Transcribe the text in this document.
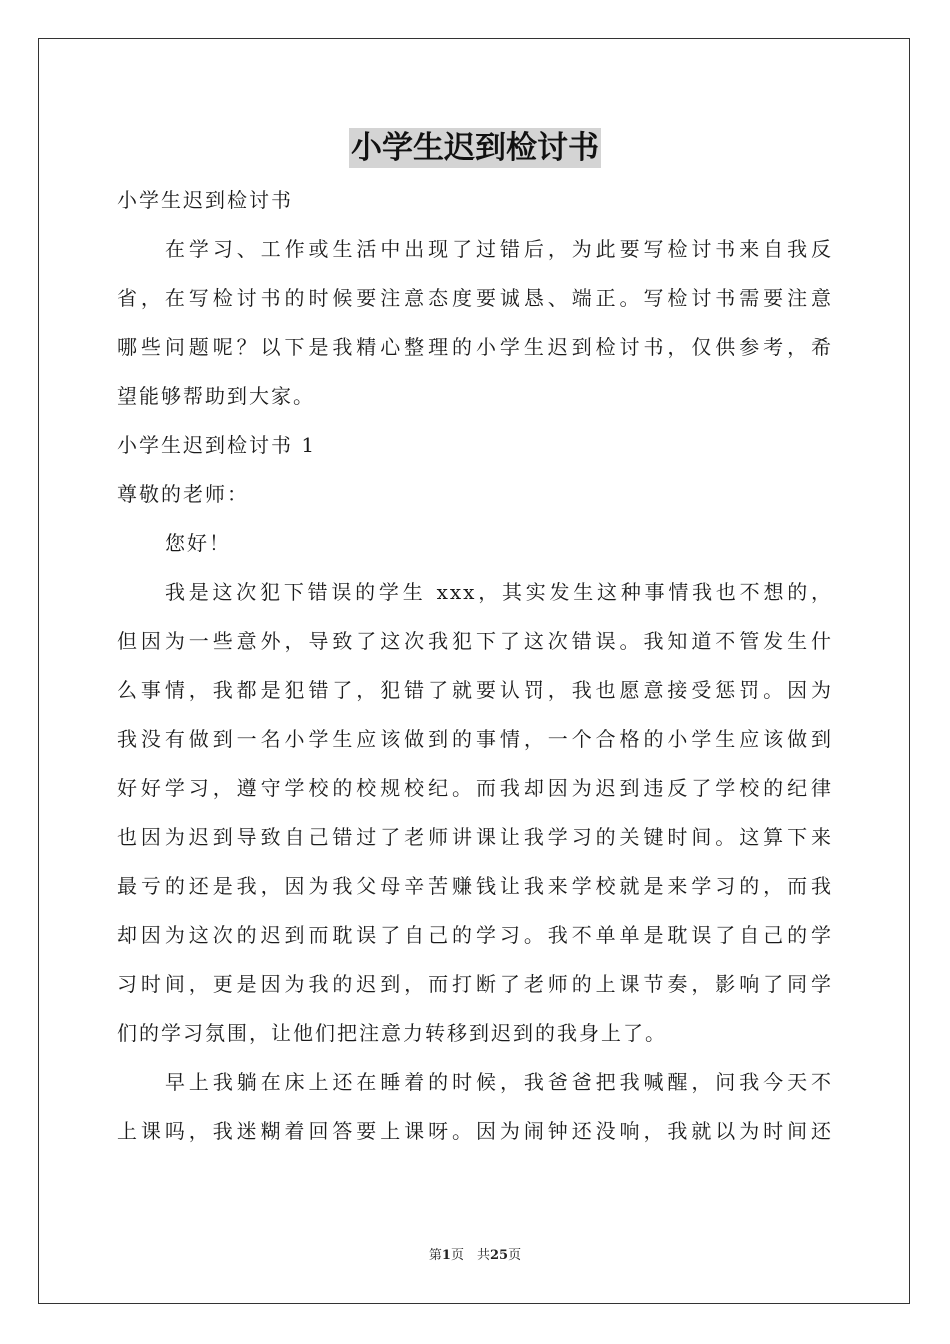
小学生迟到检讨书

小学生迟到检讨书

在学习、工作或生活中出现了过错后，为此要写检讨书来自我反

省，在写检讨书的时候要注意态度要诚恳、端正。写检讨书需要注意

哪些问题呢？以下是我精心整理的小学生迟到检讨书，仅供参考，希

望能够帮助到大家。

小学生迟到检讨书 1

尊敬的老师：

您好！

我是这次犯下错误的学生 xxx，其实发生这种事情我也不想的，

但因为一些意外，导致了这次我犯下了这次错误。我知道不管发生什

么事情，我都是犯错了，犯错了就要认罚，我也愿意接受惩罚。因为

我没有做到一名小学生应该做到的事情，一个合格的小学生应该做到

好好学习，遵守学校的校规校纪。而我却因为迟到违反了学校的纪律

也因为迟到导致自己错过了老师讲课让我学习的关键时间。这算下来

最亏的还是我，因为我父母辛苦赚钱让我来学校就是来学习的，而我

却因为这次的迟到而耽误了自己的学习。我不单单是耽误了自己的学

习时间，更是因为我的迟到，而打断了老师的上课节奏，影响了同学

们的学习氛围，让他们把注意力转移到迟到的我身上了。

早上我躺在床上还在睡着的时候，我爸爸把我喊醒，问我今天不

上课吗，我迷糊着回答要上课呀。因为闹钟还没响，我就以为时间还

第1页　共25页
